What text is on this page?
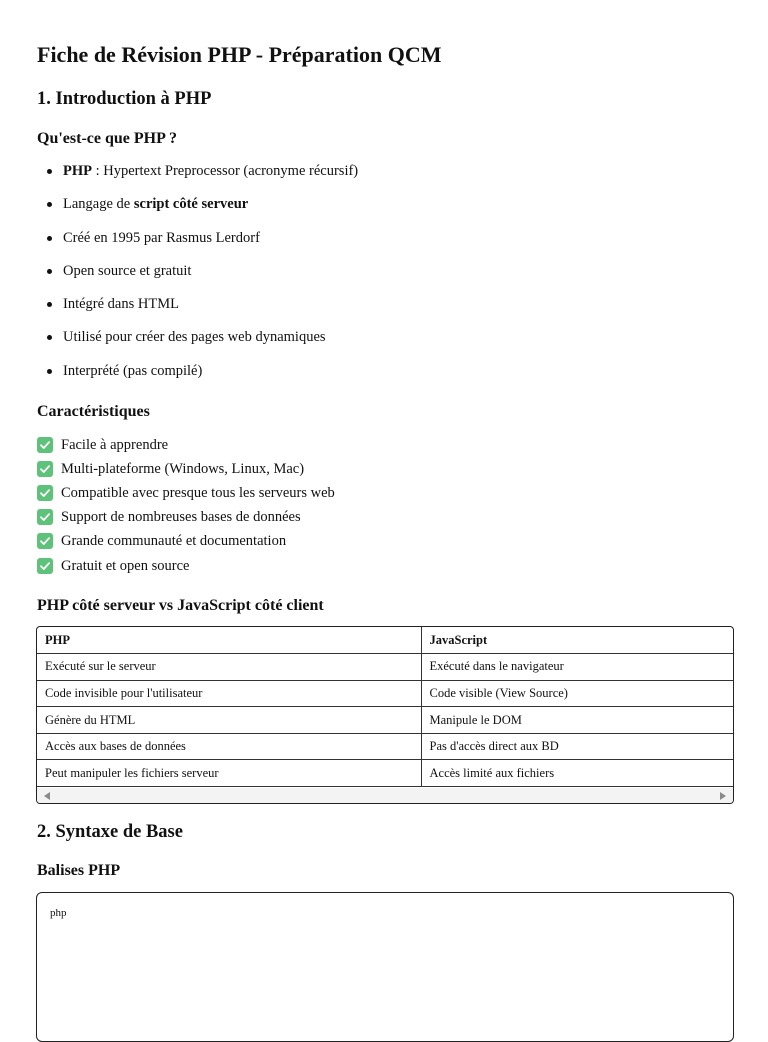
Fiche de Révision PHP - Préparation QCM
1. Introduction à PHP
Qu'est-ce que PHP ?
PHP : Hypertext Preprocessor (acronyme récursif)
Langage de script côté serveur
Créé en 1995 par Rasmus Lerdorf
Open source et gratuit
Intégré dans HTML
Utilisé pour créer des pages web dynamiques
Interprété (pas compilé)
Caractéristiques
Facile à apprendre
Multi-plateforme (Windows, Linux, Mac)
Compatible avec presque tous les serveurs web
Support de nombreuses bases de données
Grande communauté et documentation
Gratuit et open source
PHP côté serveur vs JavaScript côté client
PHP	JavaScript
Exécuté sur le serveur	Exécuté dans le navigateur
Code invisible pour l'utilisateur	Code visible (View Source)
Génère du HTML	Manipule le DOM
Accès aux bases de données	Pas d'accès direct aux BD
Peut manipuler les fichiers serveur	Accès limité aux fichiers
2. Syntaxe de Base
Balises PHP
php
